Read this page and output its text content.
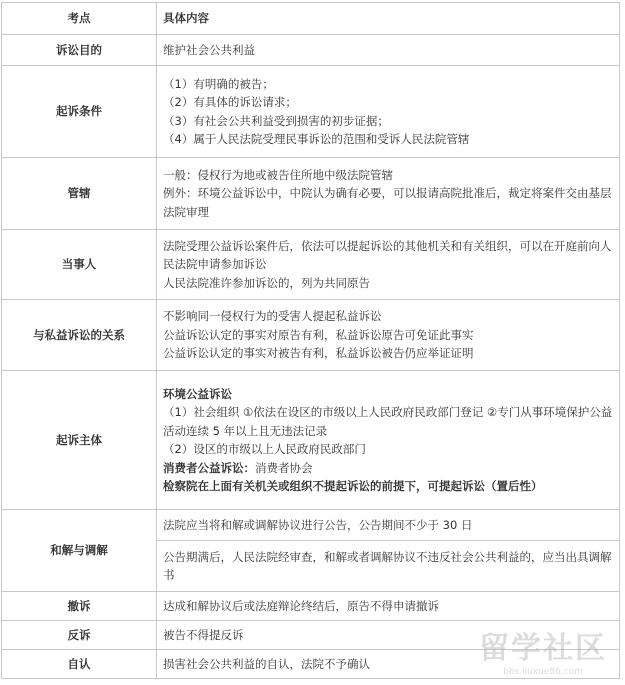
考点	具体内容
诉讼目的	维护社会公共利益

起诉条件	（1）有明确的被告；
（2）有具体的诉讼请求；
（3）有社会公共利益受到损害的初步证据；
（4）属于人民法院受理民事诉讼的范围和受诉人民法院管辖

管辖	一般：侵权行为地或被告住所地中级法院管辖
例外：环境公益诉讼中，中院认为确有必要，可以报请高院批准后，裁定将案件交由基层法院审理

当事人	法院受理公益诉讼案件后，依法可以提起诉讼的其他机关和有关组织，可以在开庭前向人民法院申请参加诉讼
人民法院准许参加诉讼的，列为共同原告

与私益诉讼的关系	不影响同一侵权行为的受害人提起私益诉讼
公益诉讼认定的事实对原告有利，私益诉讼原告可免证此事实
公益诉讼认定的事实对被告有利，私益诉讼被告仍应举证证明

起诉主体	环境公益诉讼
（1）社会组织 ①依法在设区的市级以上人民政府民政部门登记 ②专门从事环境保护公益活动连续 5 年以上且无违法记录
（2）设区的市级以上人民政府民政部门
消费者公益诉讼：消费者协会
检察院在上面有关机关或组织不提起诉讼的前提下，可提起诉讼（置后性）

和解与调解	法院应当将和解或调解协议进行公告，公告期间不少于 30 日

	公告期满后，人民法院经审查，和解或者调解协议不违反社会公共利益的，应当出具调解书

撤诉	达成和解协议后或法庭辩论终结后，原告不得申请撤诉

反诉	被告不得提反诉

自认	损害社会公共利益的自认，法院不予确认	留学社区
bbs.liuxue86.com
